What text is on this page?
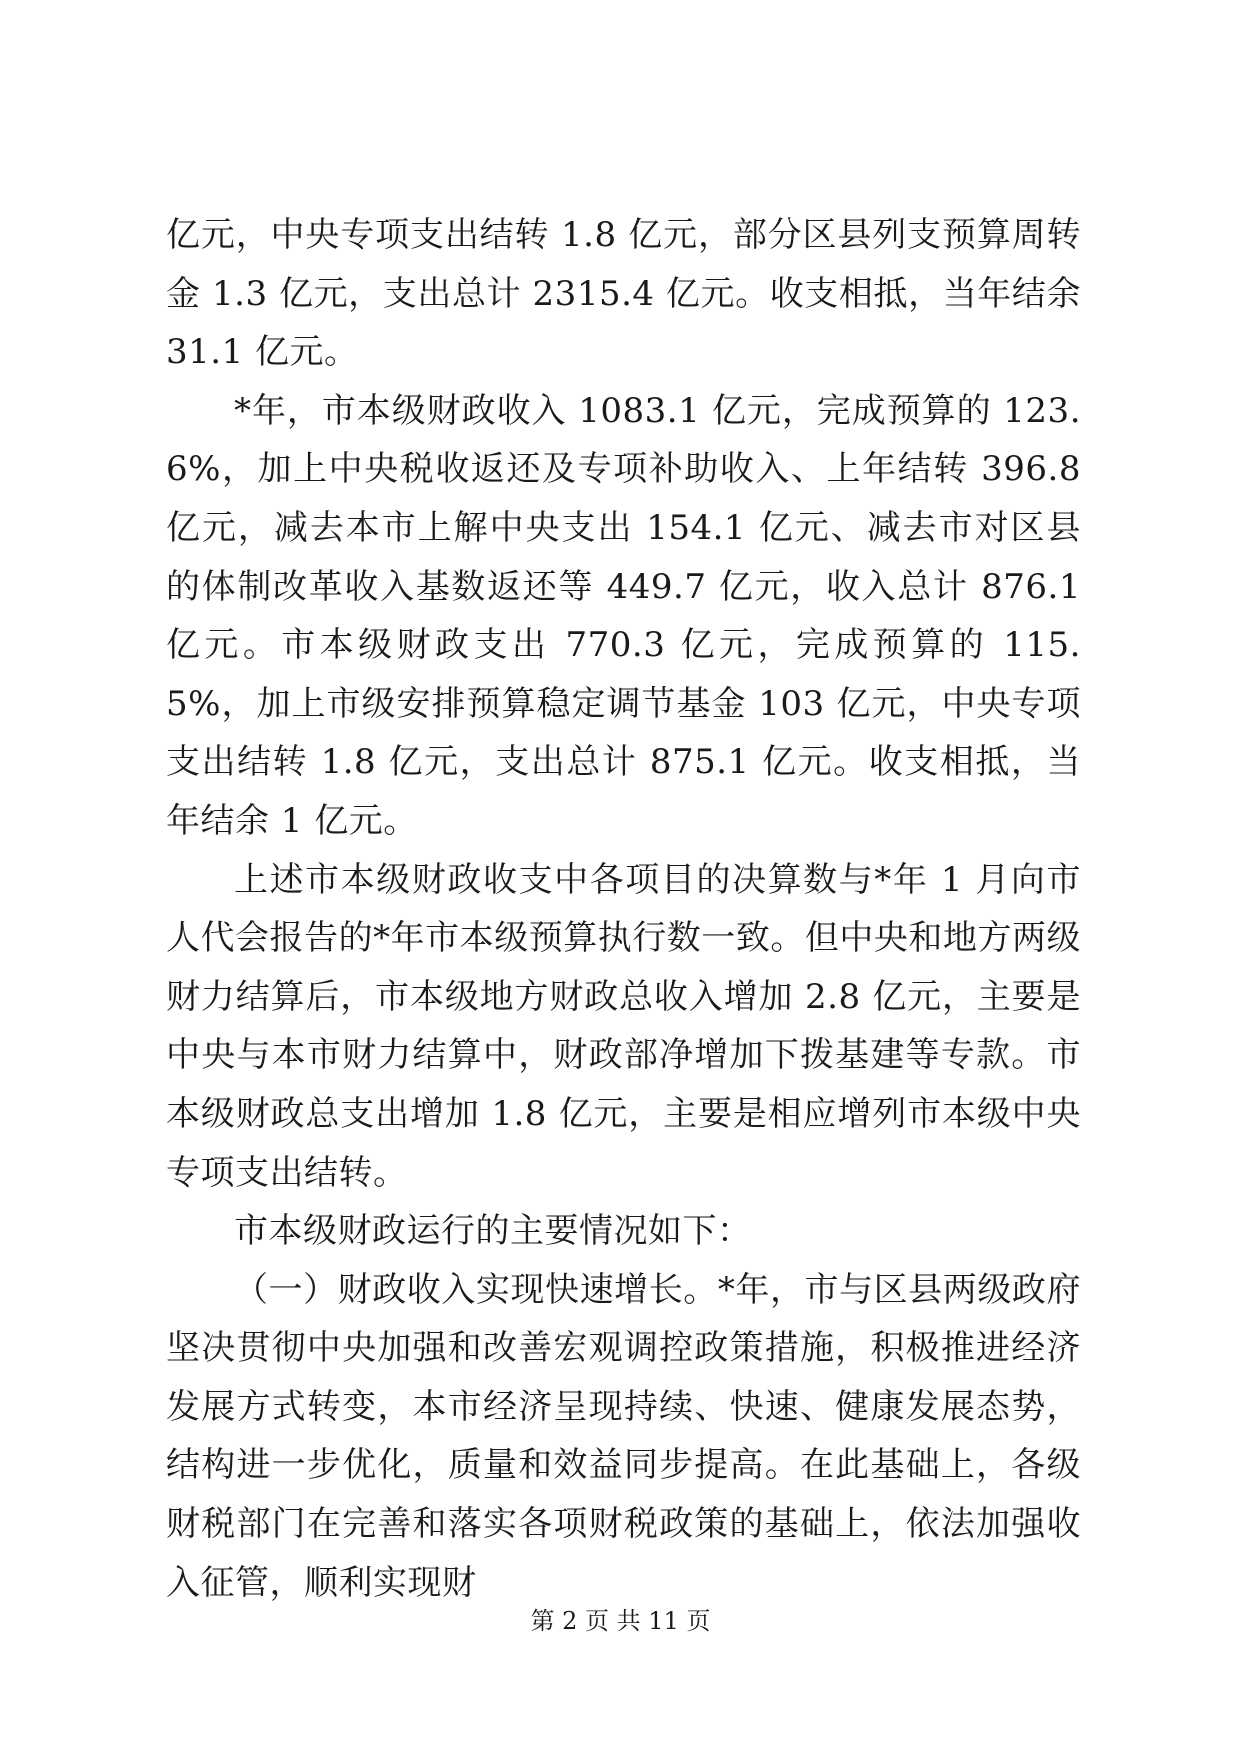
亿元，中央专项支出结转 1.8 亿元，部分区县列支预算周转金 1.3 亿元，支出总计 2315.4 亿元。收支相抵，当年结余 31.1 亿元。

*年，市本级财政收入 1083.1 亿元，完成预算的 123.6%，加上中央税收返还及专项补助收入、上年结转 396.8 亿元，减去本市上解中央支出 154.1 亿元、减去市对区县的体制改革收入基数返还等 449.7 亿元，收入总计 876.1 亿元。市本级财政支出 770.3 亿元，完成预算的 115.5%，加上市级安排预算稳定调节基金 103 亿元，中央专项支出结转 1.8 亿元，支出总计 875.1 亿元。收支相抵，当年结余 1 亿元。

上述市本级财政收支中各项目的决算数与*年 1 月向市人代会报告的*年市本级预算执行数一致。但中央和地方两级财力结算后，市本级地方财政总收入增加 2.8 亿元，主要是中央与本市财力结算中，财政部净增加下拨基建等专款。市本级财政总支出增加 1.8 亿元，主要是相应增列市本级中央专项支出结转。

市本级财政运行的主要情况如下：

（一）财政收入实现快速增长。*年，市与区县两级政府坚决贯彻中央加强和改善宏观调控政策措施，积极推进经济发展方式转变，本市经济呈现持续、快速、健康发展态势，结构进一步优化，质量和效益同步提高。在此基础上，各级财税部门在完善和落实各项财税政策的基础上，依法加强收入征管，顺利实现财

第 2 页 共 11 页
